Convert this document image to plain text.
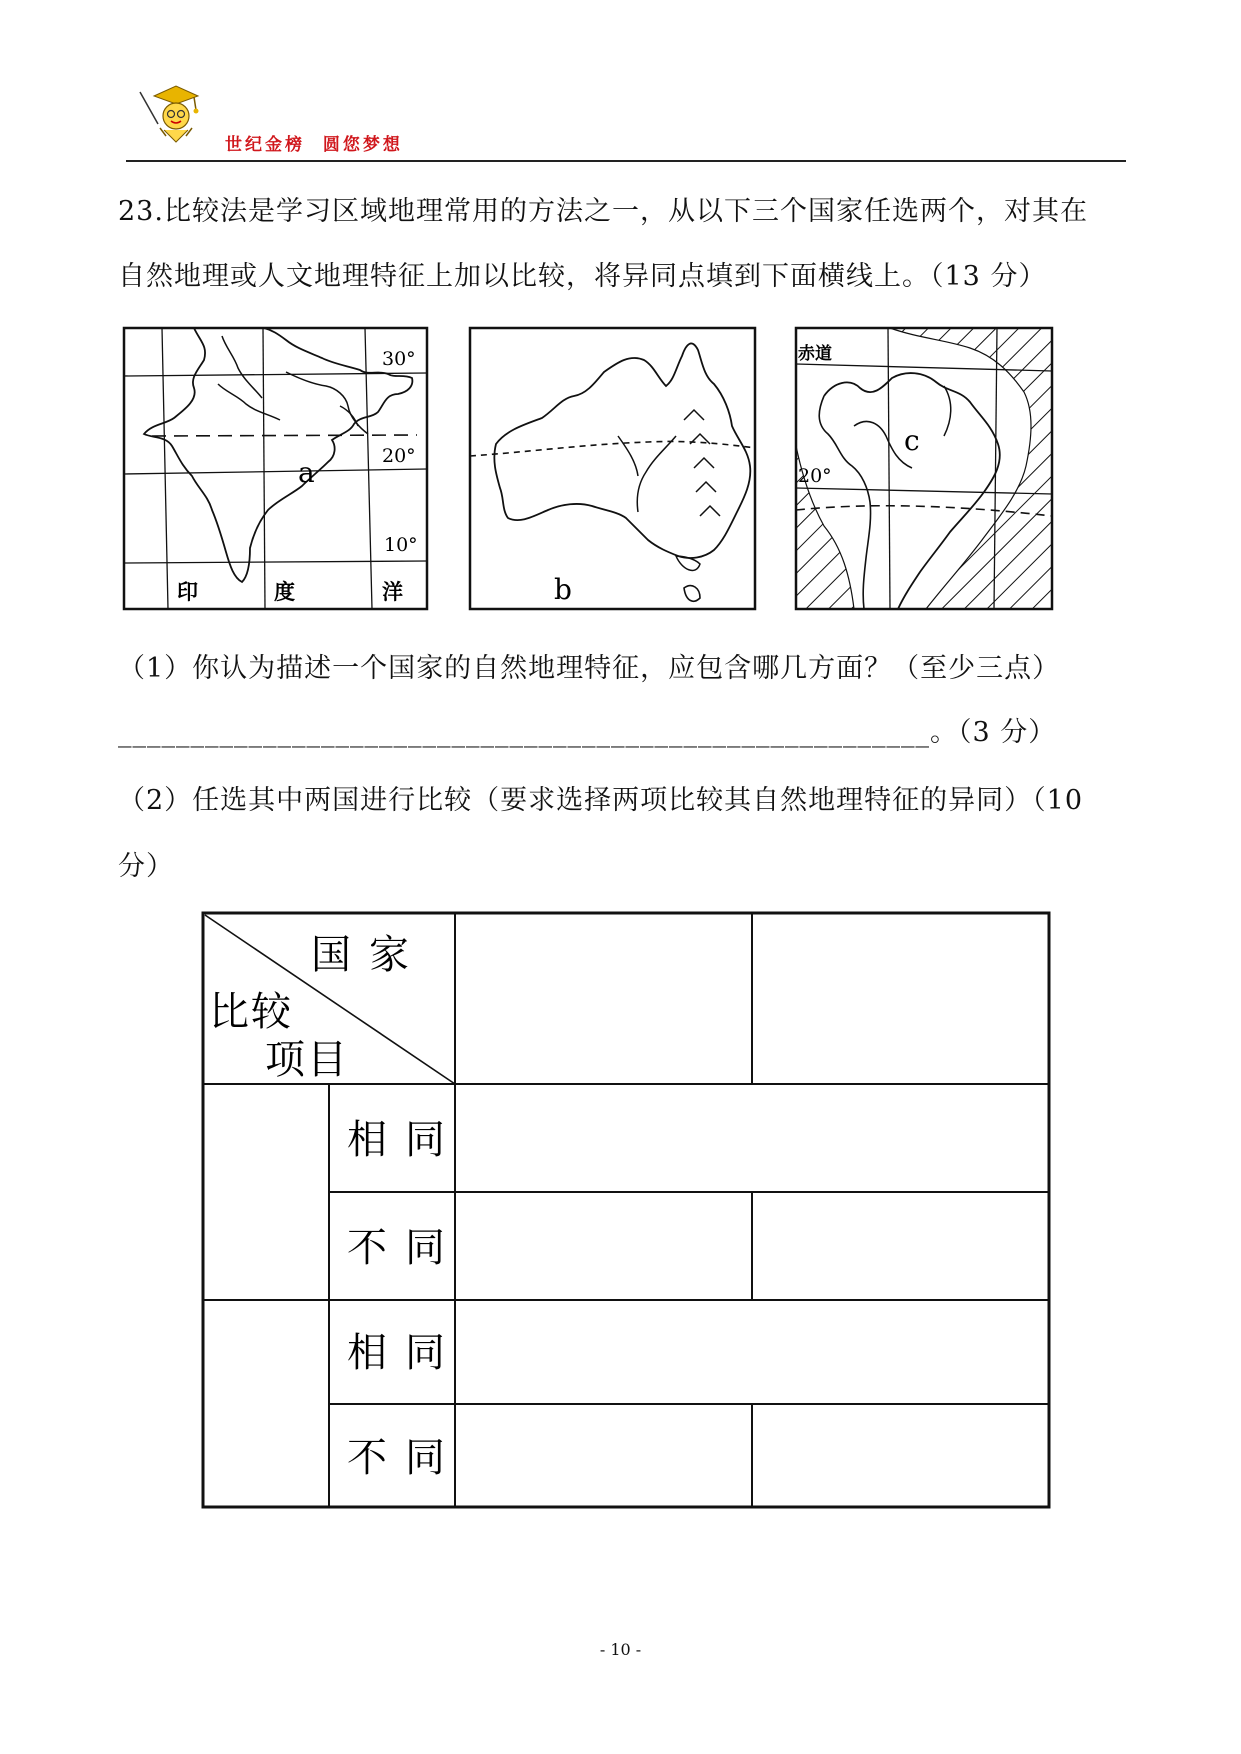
世纪金榜  圆您梦想
23.比较法是学习区域地理常用的方法之一，从以下三个国家任选两个，对其在
自然地理或人文地理特征上加以比较，将异同点填到下面横线上。（13 分）
30°
20°
10°
a
印	度	洋	b
赤道
20°
c
（1）你认为描述一个国家的自然地理特征，应包含哪几方面？（至少三点）
________________________________________________________。（3 分）
（2）任选其中两国进行比较（要求选择两项比较其自然地理特征的异同）（10
分）
国家
比较
项目
相同
不同
相同
不同
- 10 -
